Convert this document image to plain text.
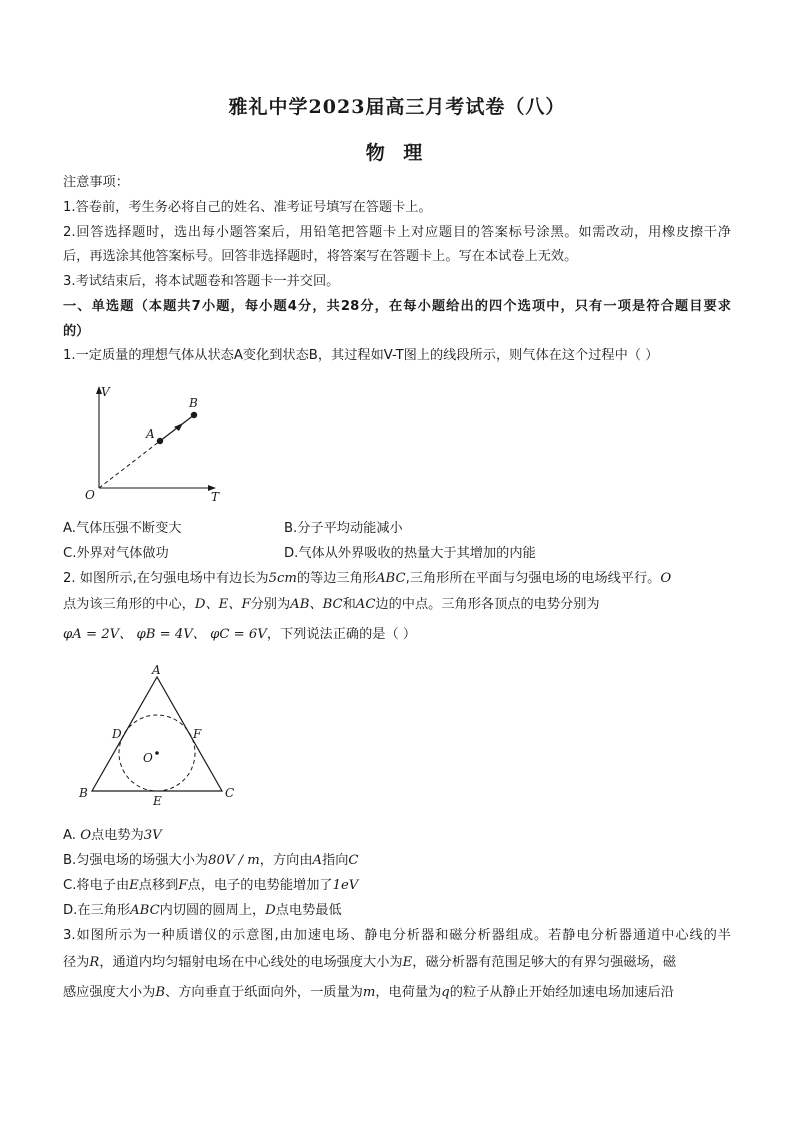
雅礼中学2023届高三月考试卷（八）
物 理
注意事项：
1.答卷前，考生务必将自己的姓名、准考证号填写在答题卡上。
2.回答选择题时，选出每小题答案后，用铅笔把答题卡上对应题目的答案标号涂黑。如需改动，用橡皮擦干净
后，再选涂其他答案标号。回答非选择题时，将答案写在答题卡上。写在本试卷上无效。
3.考试结束后，将本试题卷和答题卡一并交回。
一、单选题（本题共7小题，每小题4分，共28分，在每小题给出的四个选项中，只有一项是符合题目要求
的）
1.一定质量的理想气体从状态A变化到状态B，其过程如V-T图上的线段所示，则气体在这个过程中（ ）
V
T
O
A
B
A.气体压强不断变大	B.分子平均动能减小
C.外界对气体做功	D.气体从外界吸收的热量大于其增加的内能
2. 如图所示,在匀强电场中有边长为5cm的等边三角形ABC,三角形所在平面与匀强电场的电场线平行。O
点为该三角形的中心，D、E、F分别为AB、BC和AC边的中点。三角形各顶点的电势分别为
φA = 2V、 φB = 4V、 φC = 6V，下列说法正确的是（ ）
A
B	C
D
E
F
O
A. O点电势为3V
B.匀强电场的场强大小为80V / m，方向由A指向C
C.将电子由E点移到F点，电子的电势能增加了1eV
D.在三角形ABC内切圆的圆周上，D点电势最低
3.如图所示为一种质谱仪的示意图,由加速电场、静电分析器和磁分析器组成。若静电分析器通道中心线的半
径为R，通道内均匀辐射电场在中心线处的电场强度大小为E，磁分析器有范围足够大的有界匀强磁场，磁
感应强度大小为B、方向垂直于纸面向外，一质量为m，电荷量为q的粒子从静止开始经加速电场加速后沿
